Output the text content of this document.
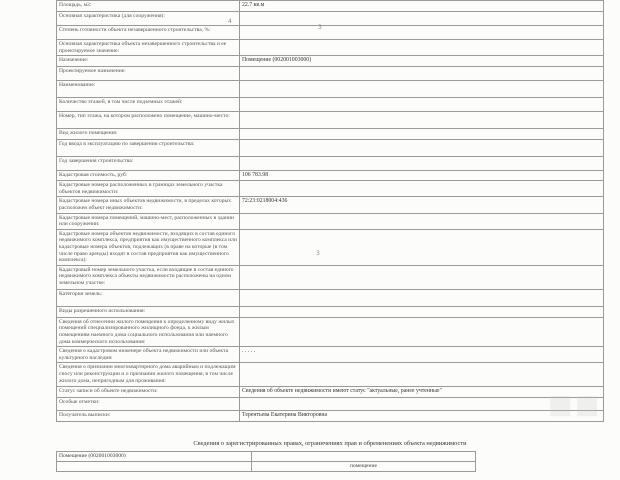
Площадь, м2:	22.7 кв.м
Основная характеристика (для сооружения):	
Степень готовности объекта незавершенного строительства, %:	
Основная характеристика объекта незавершенного строительства и ее проектируемое значение:	
Назначение:	Помещение (002001003000)
Проектируемое назначение:	
Наименование:	
Количество этажей, в том числе подземных этажей:	
Номер, тип этажа, на котором расположено помещение, машино-место:	
Вид жилого помещения:	
Год ввода в эксплуатацию по завершении строительства:	
Год завершения строительства:	
Кадастровая стоимость, руб:	106 783.98
Кадастровые номера расположенных в границах земельного участка объектов недвижимости:	
Кадастровые номера иных объектов недвижимости, в пределах которых расположен объект недвижимости:	72:23:0218004:436
Кадастровые номера помещений, машино-мест, расположенных в здании или сооружении:	
Кадастровые номера объектов недвижимости, входящих в состав единого недвижимого комплекса, предприятия как имущественного комплекса или кадастровые номера объектов, подлежащих (в праве на которые (в том числе право аренды) входят в состав предприятия как имущественного комплекса):	
Кадастровый номер земельного участка, если входящие в состав единого недвижимого комплекса объекты недвижимости расположены на одном земельном участке:	
Категория земель:	
Виды разрешенного использования:	
Сведения об отнесении жилого помещения к определенному виду жилых помещений специализированного жилищного фонда, к жилым помещениям наемного дома социального использования или наемного дома коммерческого использования:	
Сведения о кадастровом инженере объекта недвижимости или объекта культурного наследия:	. . . . .
Сведения о признании многоквартирного дома аварийным и подлежащим сносу или реконструкции и о признании жилого помещения, в том числе жилого дома, непригодным для проживания:	
Статус записи об объекте недвижимости:	Сведения об объекте недвижимости имеют статус "актуальные, ранее учтенные"
Особые отметки:	
Получатель выписки:	Терентьева Екатерина Викторовна
4
3
3
■■
Сведения о зарегистрированных правах, ограничениях прав и обременениях объекта недвижимости
Помещение (002001003000)	
	помещение
